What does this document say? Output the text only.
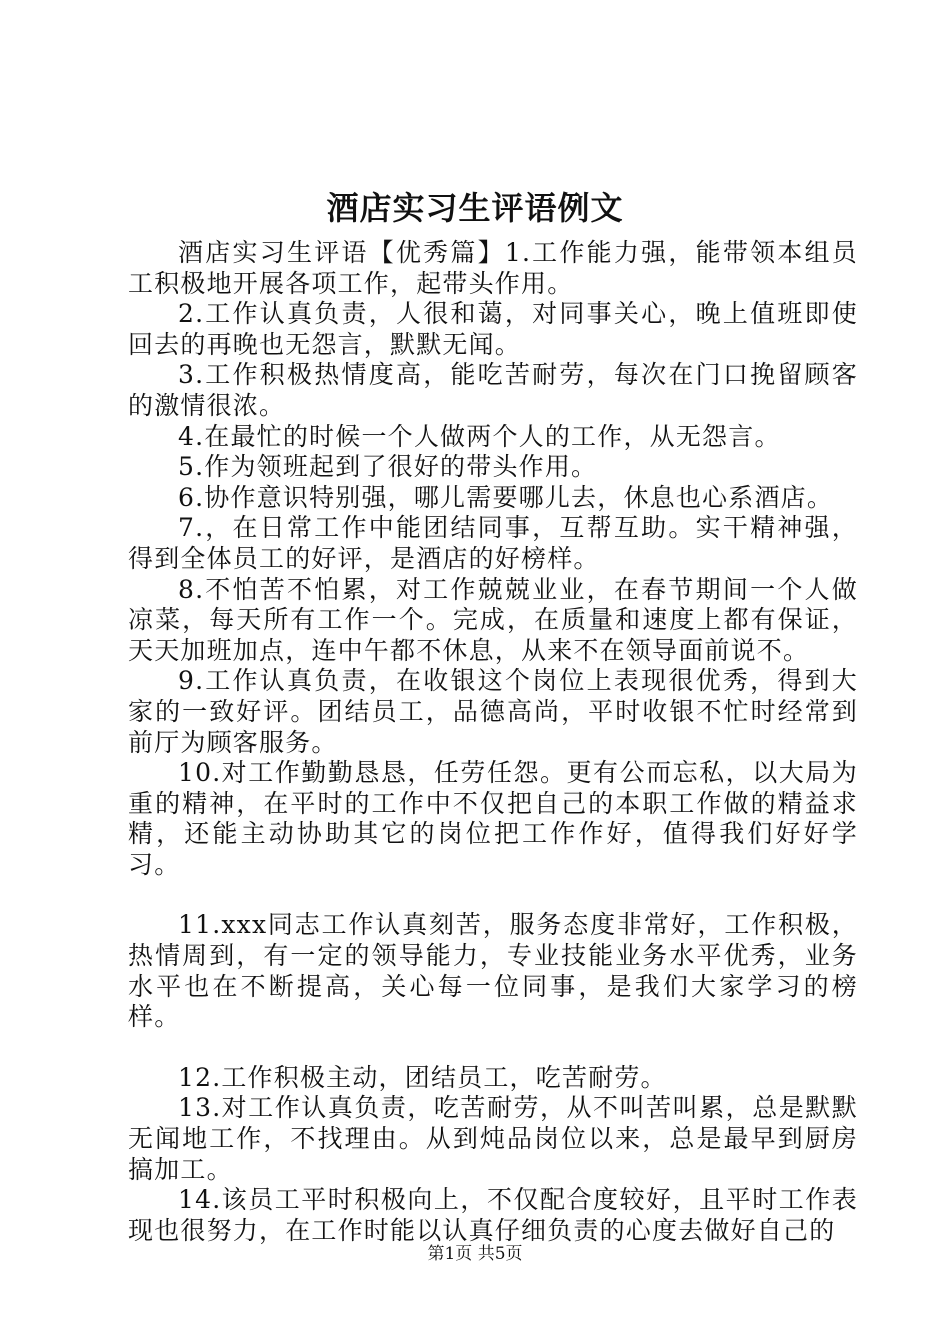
酒店实习生评语例文

酒店实习生评语【优秀篇】1.工作能力强，能带领本组员工积极地开展各项工作，起带头作用。

2.工作认真负责，人很和蔼，对同事关心，晚上值班即使回去的再晚也无怨言，默默无闻。

3.工作积极热情度高，能吃苦耐劳，每次在门口挽留顾客的激情很浓。

4.在最忙的时候一个人做两个人的工作，从无怨言。

5.作为领班起到了很好的带头作用。

6.协作意识特别强，哪儿需要哪儿去，休息也心系酒店。

7.，在日常工作中能团结同事，互帮互助。实干精神强，得到全体员工的好评，是酒店的好榜样。

8.不怕苦不怕累，对工作兢兢业业，在春节期间一个人做凉菜，每天所有工作一个。完成，在质量和速度上都有保证，天天加班加点，连中午都不休息，从来不在领导面前说不。

9.工作认真负责，在收银这个岗位上表现很优秀，得到大家的一致好评。团结员工，品德高尚，平时收银不忙时经常到前厅为顾客服务。

10.对工作勤勤恳恳，任劳任怨。更有公而忘私，以大局为重的精神，在平时的工作中不仅把自己的本职工作做的精益求精，还能主动协助其它的岗位把工作作好，值得我们好好学习。

11.xxx同志工作认真刻苦，服务态度非常好，工作积极，热情周到，有一定的领导能力，专业技能业务水平优秀，业务水平也在不断提高，关心每一位同事，是我们大家学习的榜样。

12.工作积极主动，团结员工，吃苦耐劳。

13.对工作认真负责，吃苦耐劳，从不叫苦叫累，总是默默无闻地工作，不找理由。从到炖品岗位以来，总是最早到厨房搞加工。

14.该员工平时积极向上，不仅配合度较好，且平时工作表现也很努力，在工作时能以认真仔细负责的心度去做好自己的

第1页 共5页
